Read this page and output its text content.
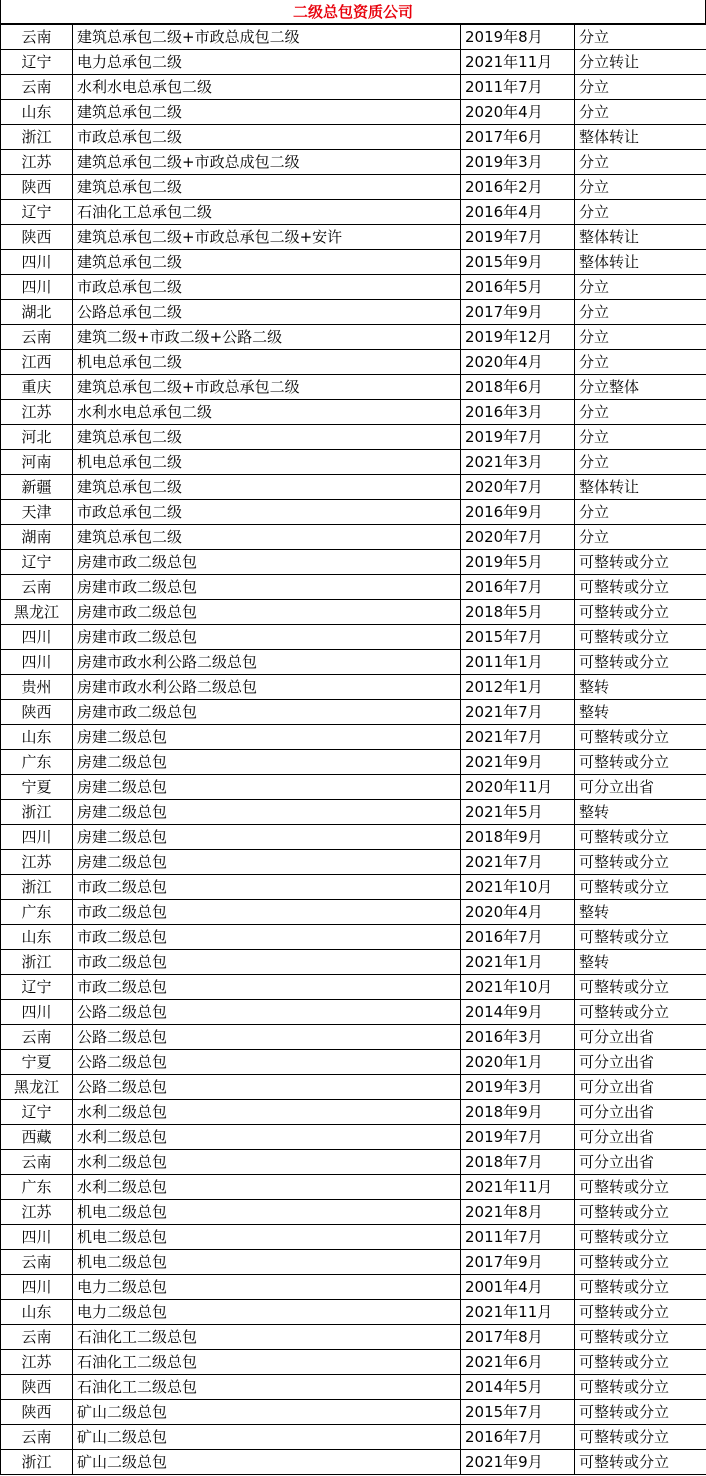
二级总包资质公司
云南	建筑总承包二级+市政总成包二级	2019年8月	分立
辽宁	电力总承包二级	2021年11月	分立转让
云南	水利水电总承包二级	2011年7月	分立
山东	建筑总承包二级	2020年4月	分立
浙江	市政总承包二级	2017年6月	整体转让
江苏	建筑总承包二级+市政总成包二级	2019年3月	分立
陕西	建筑总承包二级	2016年2月	分立
辽宁	石油化工总承包二级	2016年4月	分立
陕西	建筑总承包二级+市政总承包二级+安许	2019年7月	整体转让
四川	建筑总承包二级	2015年9月	整体转让
四川	市政总承包二级	2016年5月	分立
湖北	公路总承包二级	2017年9月	分立
云南	建筑二级+市政二级+公路二级	2019年12月	分立
江西	机电总承包二级	2020年4月	分立
重庆	建筑总承包二级+市政总承包二级	2018年6月	分立整体
江苏	水利水电总承包二级	2016年3月	分立
河北	建筑总承包二级	2019年7月	分立
河南	机电总承包二级	2021年3月	分立
新疆	建筑总承包二级	2020年7月	整体转让
天津	市政总承包二级	2016年9月	分立
湖南	建筑总承包二级	2020年7月	分立
辽宁	房建市政二级总包	2019年5月	可整转或分立
云南	房建市政二级总包	2016年7月	可整转或分立
黑龙江	房建市政二级总包	2018年5月	可整转或分立
四川	房建市政二级总包	2015年7月	可整转或分立
四川	房建市政水利公路二级总包	2011年1月	可整转或分立
贵州	房建市政水利公路二级总包	2012年1月	整转
陕西	房建市政二级总包	2021年7月	整转
山东	房建二级总包	2021年7月	可整转或分立
广东	房建二级总包	2021年9月	可整转或分立
宁夏	房建二级总包	2020年11月	可分立出省
浙江	房建二级总包	2021年5月	整转
四川	房建二级总包	2018年9月	可整转或分立
江苏	房建二级总包	2021年7月	可整转或分立
浙江	市政二级总包	2021年10月	可整转或分立
广东	市政二级总包	2020年4月	整转
山东	市政二级总包	2016年7月	可整转或分立
浙江	市政二级总包	2021年1月	整转
辽宁	市政二级总包	2021年10月	可整转或分立
四川	公路二级总包	2014年9月	可整转或分立
云南	公路二级总包	2016年3月	可分立出省
宁夏	公路二级总包	2020年1月	可分立出省
黑龙江	公路二级总包	2019年3月	可分立出省
辽宁	水利二级总包	2018年9月	可分立出省
西藏	水利二级总包	2019年7月	可分立出省
云南	水利二级总包	2018年7月	可分立出省
广东	水利二级总包	2021年11月	可整转或分立
江苏	机电二级总包	2021年8月	可整转或分立
四川	机电二级总包	2011年7月	可整转或分立
云南	机电二级总包	2017年9月	可整转或分立
四川	电力二级总包	2001年4月	可整转或分立
山东	电力二级总包	2021年11月	可整转或分立
云南	石油化工二级总包	2017年8月	可整转或分立
江苏	石油化工二级总包	2021年6月	可整转或分立
陕西	石油化工二级总包	2014年5月	可整转或分立
陕西	矿山二级总包	2015年7月	可整转或分立
云南	矿山二级总包	2016年7月	可整转或分立
浙江	矿山二级总包	2021年9月	可整转或分立
